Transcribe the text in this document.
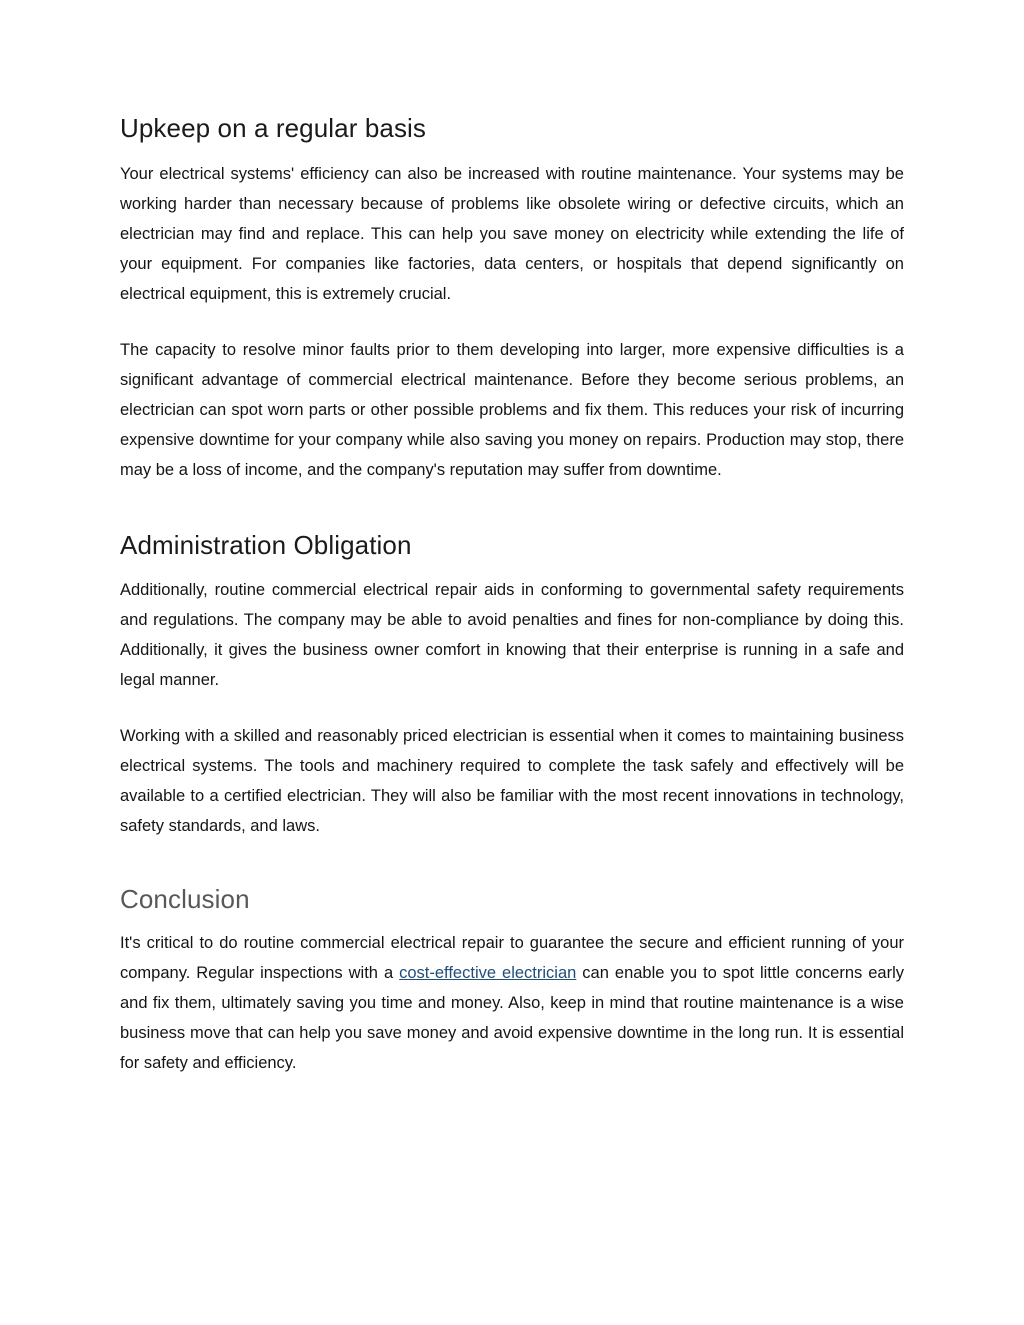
Upkeep on a regular basis

Your electrical systems' efficiency can also be increased with routine maintenance. Your systems may be working harder than necessary because of problems like obsolete wiring or defective circuits, which an electrician may find and replace. This can help you save money on electricity while extending the life of your equipment. For companies like factories, data centers, or hospitals that depend significantly on electrical equipment, this is extremely crucial.

The capacity to resolve minor faults prior to them developing into larger, more expensive difficulties is a significant advantage of commercial electrical maintenance. Before they become serious problems, an electrician can spot worn parts or other possible problems and fix them. This reduces your risk of incurring expensive downtime for your company while also saving you money on repairs. Production may stop, there may be a loss of income, and the company's reputation may suffer from downtime.

Administration Obligation

Additionally, routine commercial electrical repair aids in conforming to governmental safety requirements and regulations. The company may be able to avoid penalties and fines for non-compliance by doing this. Additionally, it gives the business owner comfort in knowing that their enterprise is running in a safe and legal manner.

Working with a skilled and reasonably priced electrician is essential when it comes to maintaining business electrical systems. The tools and machinery required to complete the task safely and effectively will be available to a certified electrician. They will also be familiar with the most recent innovations in technology, safety standards, and laws.

Conclusion

It's critical to do routine commercial electrical repair to guarantee the secure and efficient running of your company. Regular inspections with a cost-effective electrician can enable you to spot little concerns early and fix them, ultimately saving you time and money. Also, keep in mind that routine maintenance is a wise business move that can help you save money and avoid expensive downtime in the long run. It is essential for safety and efficiency.
